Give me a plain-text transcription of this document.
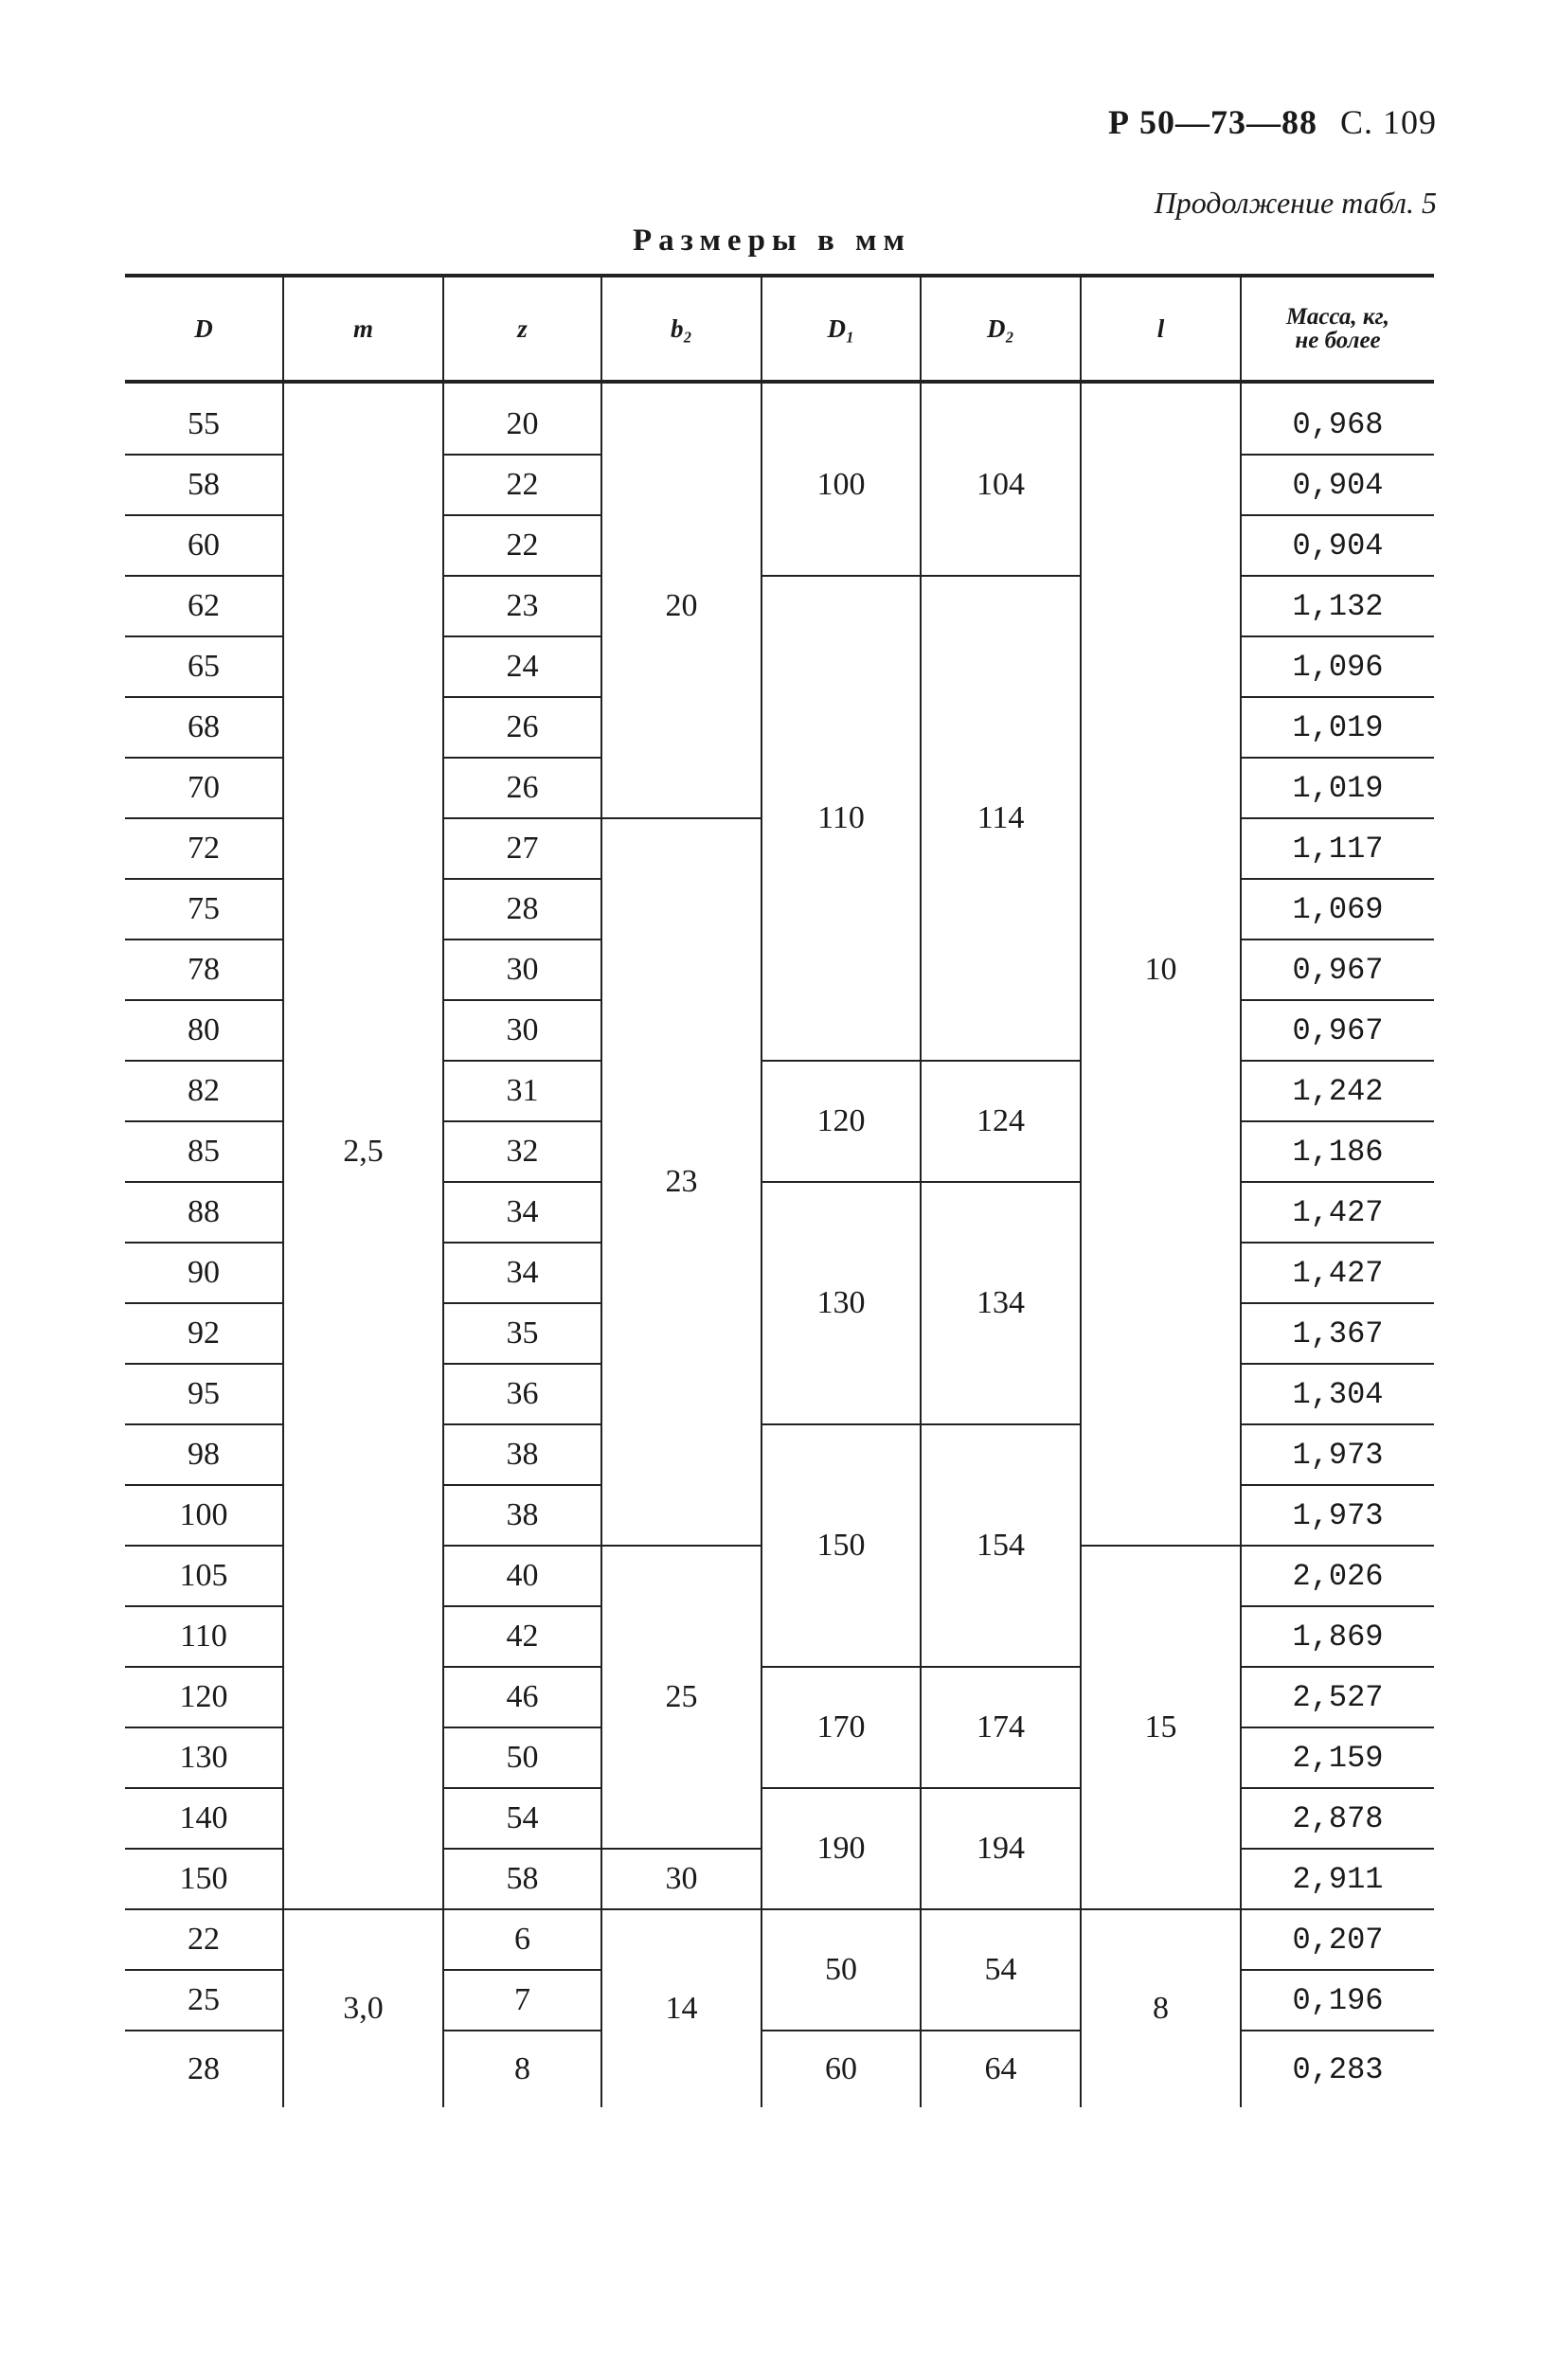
Р 50—73—88 С. 109
Продолжение табл. 5
Размеры в мм
D	m	z	b₂	D₁	D₂	l	Масса, кг,
не более
55	2,5	20	20	100	104	10	0,968
58		22					0,904
60		22					0,904
62		23		110	114		1,132
65		24					1,096
68		26					1,019
70		26					1,019
72		27	23				1,117
75		28					1,069
78		30					0,967
80		30					0,967
82		31		120	124		1,242
85		32					1,186
88		34		130	134		1,427
90		34					1,427
92		35					1,367
95		36					1,304
98		38		150	154		1,973
100		38					1,973
105		40	25			15	2,026
110		42					1,869
120		46		170	174		2,527
130		50					2,159
140		54		190	194		2,878
150		58	30				2,911
22	3,0	6	14	50	54	8	0,207
25		7					0,196
28		8		60	64		0,283
